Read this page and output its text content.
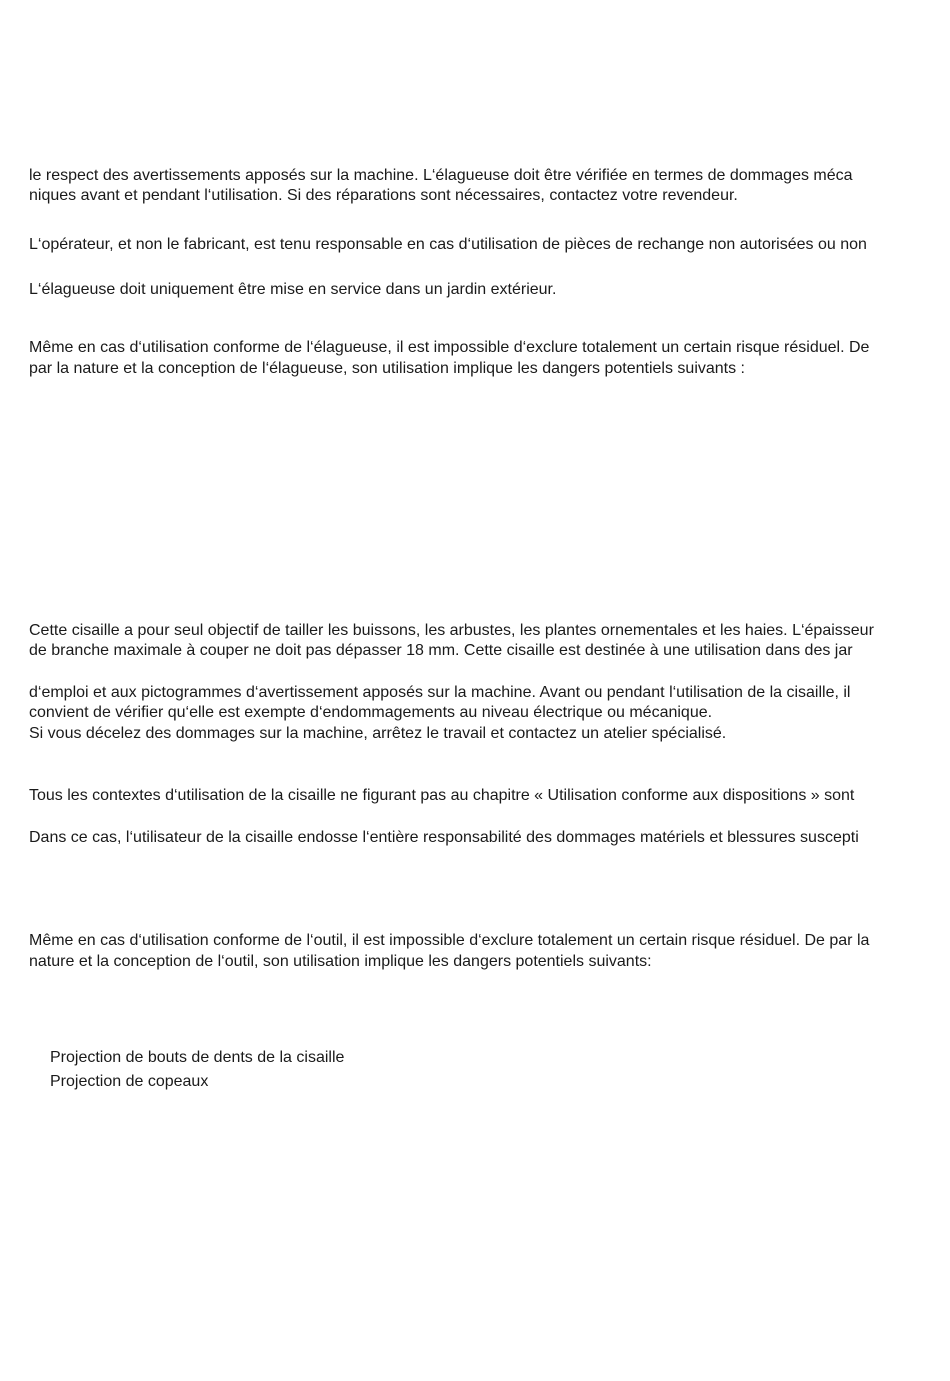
le respect des avertissements apposés sur la machine. L‘élagueuse doit être vérifiée en termes de dommages méca

niques avant et pendant l‘utilisation. Si des réparations sont nécessaires, contactez votre revendeur.

L‘opérateur, et non le fabricant, est tenu responsable en cas d‘utilisation de pièces de rechange non autorisées ou non

L‘élagueuse doit uniquement être mise en service dans un jardin extérieur.

Même en cas d‘utilisation conforme de l‘élagueuse, il est impossible d‘exclure totalement un certain risque résiduel. De

par la nature et la conception de l‘élagueuse, son utilisation implique les dangers potentiels suivants :

Cette cisaille a pour seul objectif de tailler les buissons, les arbustes, les plantes ornementales et les haies. L‘épaisseur

de branche maximale à couper ne doit pas dépasser 18 mm. Cette cisaille est destinée à une utilisation dans des jar

d‘emploi et aux pictogrammes d‘avertissement apposés sur la machine. Avant ou pendant l‘utilisation de la cisaille, il

convient de vérifier qu‘elle est exempte d‘endommagements au niveau électrique ou mécanique.

Si vous décelez des dommages sur la machine, arrêtez le travail et contactez un atelier spécialisé.

Tous les contextes d‘utilisation de la cisaille ne figurant pas au chapitre « Utilisation conforme aux dispositions » sont

Dans ce cas, l‘utilisateur de la cisaille endosse l‘entière responsabilité des dommages matériels et blessures suscepti

Même en cas d‘utilisation conforme de l‘outil, il est impossible d‘exclure totalement un certain risque résiduel. De par la

nature et la conception de l‘outil, son utilisation implique les dangers potentiels suivants:

Projection de bouts de dents de la cisaille

Projection de copeaux
